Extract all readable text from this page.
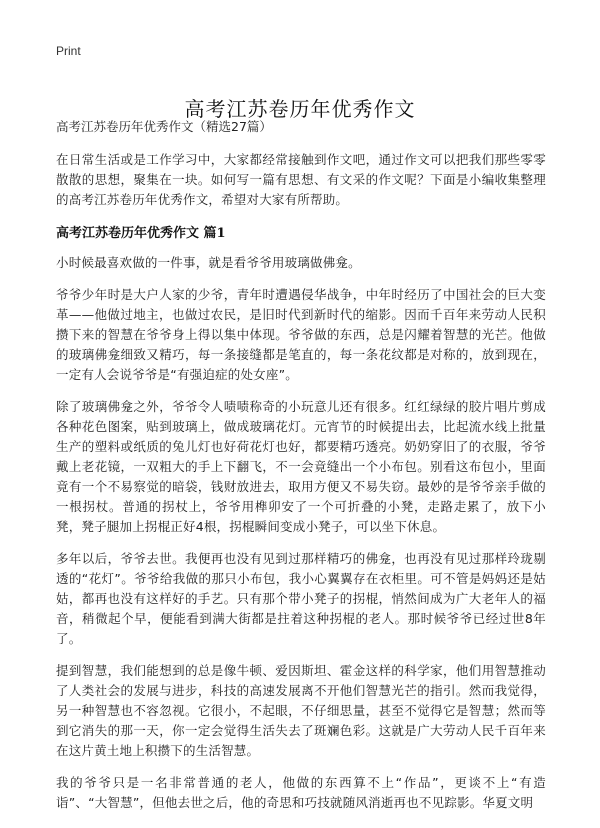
Print
高考江苏卷历年优秀作文
高考江苏卷历年优秀作文（精选27篇）

在日常生活或是工作学习中，大家都经常接触到作文吧，通过作文可以把我们那些零零散散的思想，聚集在一块。如何写一篇有思想、有文采的作文呢？下面是小编收集整理的高考江苏卷历年优秀作文，希望对大家有所帮助。

高考江苏卷历年优秀作文 篇1

小时候最喜欢做的一件事，就是看爷爷用玻璃做佛龛。

爷爷少年时是大户人家的少爷，青年时遭遇侵华战争，中年时经历了中国社会的巨大变革——他做过地主，也做过农民，是旧时代到新时代的缩影。因而千百年来劳动人民积攒下来的智慧在爷爷身上得以集中体现。爷爷做的东西，总是闪耀着智慧的光芒。他做的玻璃佛龛细致又精巧，每一条接缝都是笔直的，每一条花纹都是对称的，放到现在，一定有人会说爷爷是“有强迫症的处女座”。

除了玻璃佛龛之外，爷爷令人啧啧称奇的小玩意儿还有很多。红红绿绿的胶片唱片剪成各种花色图案，贴到玻璃上，做成玻璃花灯。元宵节的时候提出去，比起流水线上批量生产的塑料或纸质的兔儿灯也好荷花灯也好，都要精巧透亮。奶奶穿旧了的衣服，爷爷戴上老花镜，一双粗大的手上下翻飞，不一会竟缝出一个小布包。别看这布包小，里面竟有一个不易察觉的暗袋，钱财放进去，取用方便又不易失窃。最妙的是爷爷亲手做的一根拐杖。普通的拐杖上，爷爷用榫卯安了一个可折叠的小凳，走路走累了，放下小凳，凳子腿加上拐棍正好4根，拐棍瞬间变成小凳子，可以坐下休息。

多年以后，爷爷去世。我便再也没有见到过那样精巧的佛龛，也再没有见过那样玲珑剔透的“花灯”。爷爷给我做的那只小布包，我小心翼翼存在衣柜里。可不管是妈妈还是姑姑，都再也没有这样好的手艺。只有那个带小凳子的拐棍，悄然间成为广大老年人的福音，稍微起个早，便能看到满大街都是拄着这种拐棍的老人。那时候爷爷已经过世8年了。

提到智慧，我们能想到的总是像牛顿、爱因斯坦、霍金这样的科学家，他们用智慧推动了人类社会的发展与进步，科技的高速发展离不开他们智慧光芒的指引。然而我觉得，另一种智慧也不容忽视。它很小，不起眼，不仔细思量，甚至不觉得它是智慧；然而等到它消失的那一天，你一定会觉得生活失去了斑斓色彩。这就是广大劳动人民千百年来在这片黄土地上积攒下的生活智慧。

我的爷爷只是一名非常普通的老人，他做的东西算不上“作品”，更谈不上“有造诣”、“大智慧”，但他去世之后，他的奇思和巧技就随风消逝再也不见踪影。华夏文明
